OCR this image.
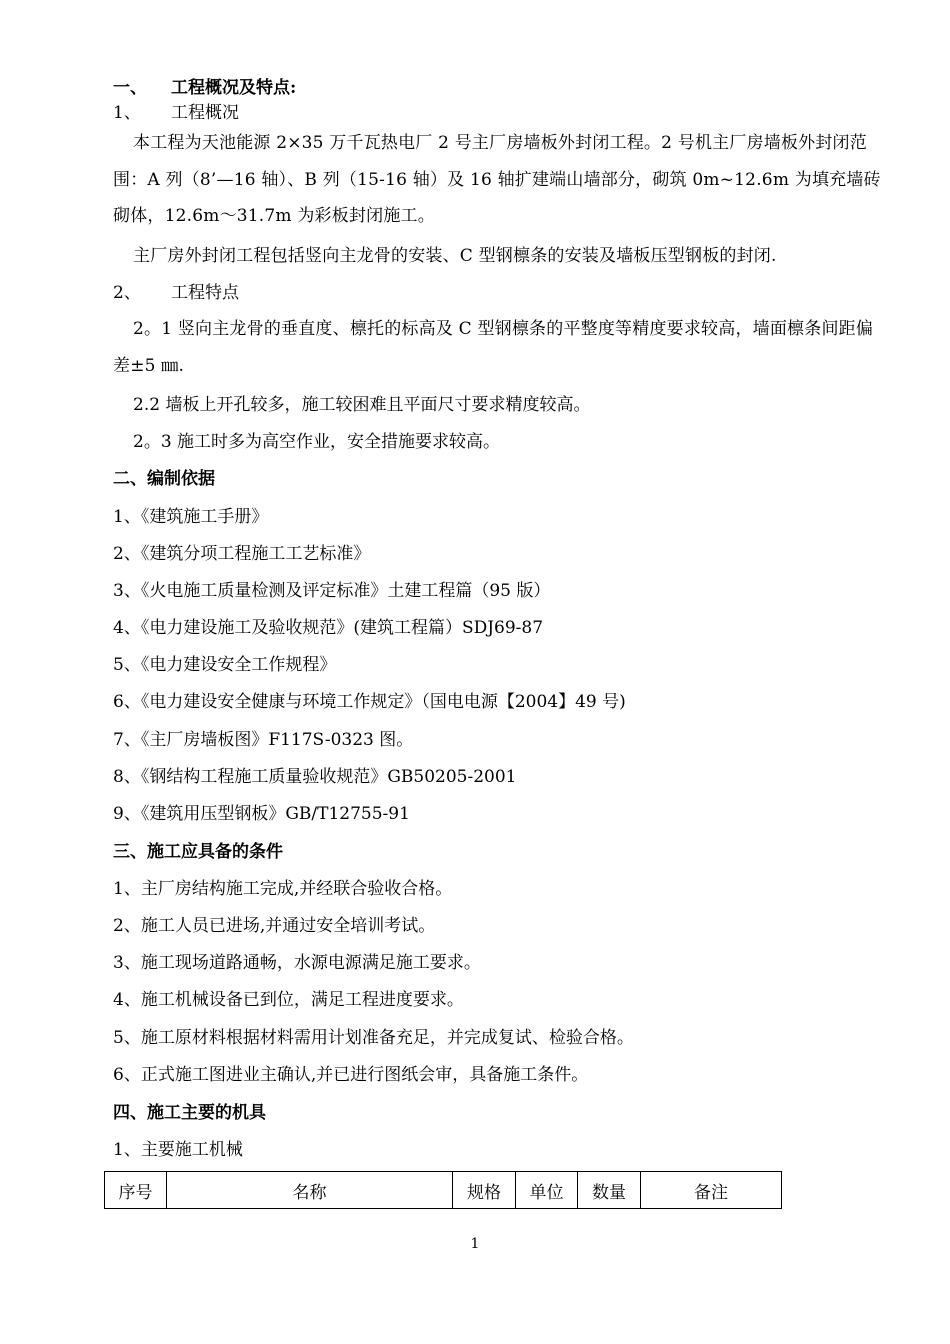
一、 工程概况及特点:
1、 工程概况
本工程为天池能源 2×35 万千瓦热电厂 2 号主厂房墙板外封闭工程。2 号机主厂房墙板外封闭范围：A 列（8’—16 轴）、B 列（15-16 轴）及 16 轴扩建端山墙部分，砌筑 0m~12.6m 为填充墙砖砌体，12.6m～31.7m 为彩板封闭施工。
主厂房外封闭工程包括竖向主龙骨的安装、C 型钢檩条的安装及墙板压型钢板的封闭.
2、 工程特点
2。1 竖向主龙骨的垂直度、檩托的标高及 C 型钢檩条的平整度等精度要求较高，墙面檩条间距偏差±5 ㎜.
2.2 墙板上开孔较多，施工较困难且平面尺寸要求精度较高。
2。3 施工时多为高空作业，安全措施要求较高。
二、编制依据
1、《建筑施工手册》
2、《建筑分项工程施工工艺标准》
3、《火电施工质量检测及评定标准》土建工程篇（95 版）
4、《电力建设施工及验收规范》(建筑工程篇）SDJ69-87
5、《电力建设安全工作规程》
6、《电力建设安全健康与环境工作规定》（国电电源【2004】49 号)
7、《主厂房墙板图》F117S-0323 图。
8、《钢结构工程施工质量验收规范》GB50205-2001
9、《建筑用压型钢板》GB/T12755-91
三、施工应具备的条件
1、主厂房结构施工完成,并经联合验收合格。
2、施工人员已进场,并通过安全培训考试。
3、施工现场道路通畅，水源电源满足施工要求。
4、施工机械设备已到位，满足工程进度要求。
5、施工原材料根据材料需用计划准备充足，并完成复试、检验合格。
6、正式施工图进业主确认,并已进行图纸会审，具备施工条件。
四、施工主要的机具
1、主要施工机械
序号	名称	规格	单位	数量	备注
1
